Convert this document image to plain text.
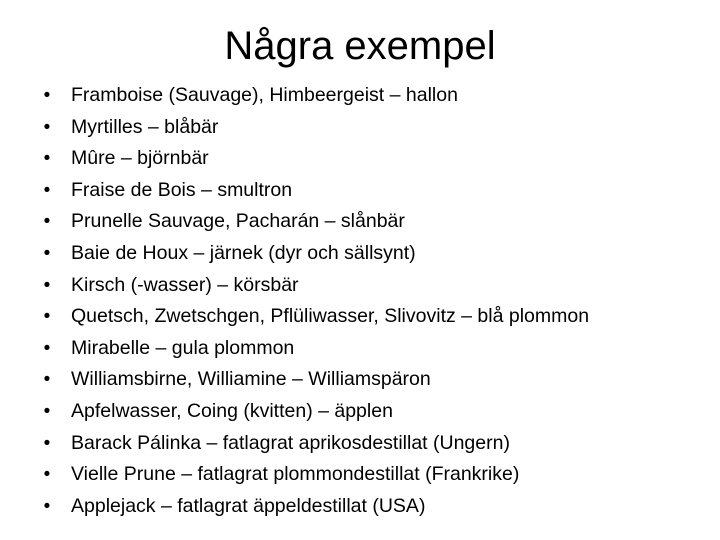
Några exempel
• Framboise (Sauvage), Himbeergeist – hallon
• Myrtilles – blåbär
• Mûre – björnbär
• Fraise de Bois – smultron
• Prunelle Sauvage, Pacharán – slånbär
• Baie de Houx – järnek (dyr och sällsynt)
• Kirsch (-wasser) – körsbär
• Quetsch, Zwetschgen, Pflüliwasser, Slivovitz – blå plommon
• Mirabelle – gula plommon
• Williamsbirne, Williamine – Williamspäron
• Apfelwasser, Coing (kvitten) – äpplen
• Barack Pálinka – fatlagrat aprikosdestillat (Ungern)
• Vielle Prune – fatlagrat plommondestillat (Frankrike)
• Applejack – fatlagrat äppeldestillat (USA)
